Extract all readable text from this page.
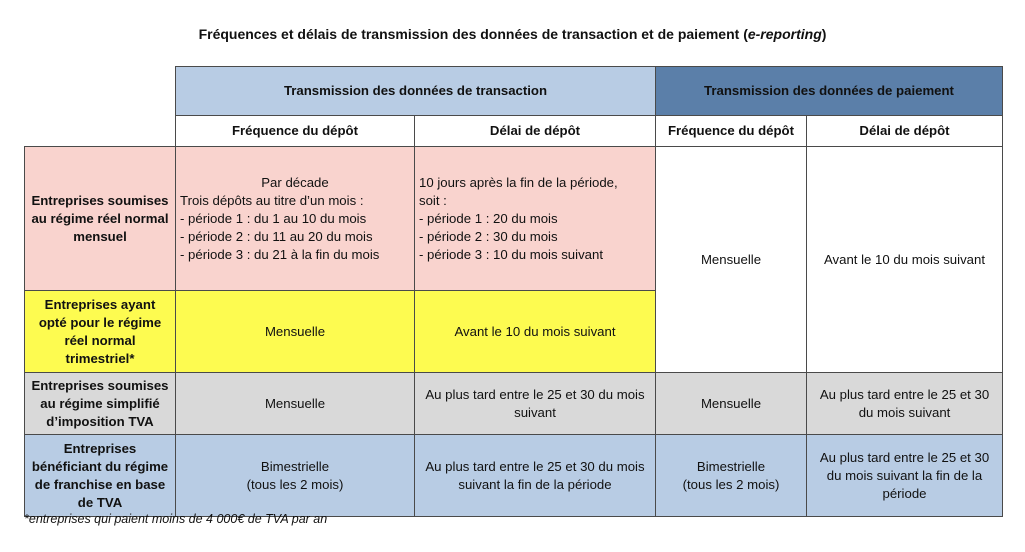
Fréquences et délais de transmission des données de transaction et de paiement (e-reporting)
	Transmission des données de transaction		Transmission des données de paiement	
	Fréquence du dépôt	Délai de dépôt	Fréquence du dépôt	Délai de dépôt
Entreprises soumises au régime réel normal mensuel	Par décade
Trois dépôts au titre d’un mois :
- période 1 : du 1 au 10 du mois
- période 2 : du 11 au 20 du mois
- période 3 : du 21 à la fin du mois	10 jours après la fin de la période,
soit :
- période 1 : 20 du mois
- période 2 : 30 du mois
- période 3 : 10 du mois suivant	Mensuelle	Avant le 10 du mois suivant
Entreprises ayant opté pour le régime réel normal trimestriel*	Mensuelle	Avant le 10 du mois suivant		
Entreprises soumises au régime simplifié d’imposition TVA	Mensuelle	Au plus tard entre le 25 et 30 du mois suivant	Mensuelle	Au plus tard entre le 25 et 30 du mois suivant
Entreprises bénéficiant du régime de franchise en base de TVA	Bimestrielle
(tous les 2 mois)	Au plus tard entre le 25 et 30 du mois suivant la fin de la période	Bimestrielle
(tous les 2 mois)	Au plus tard entre le 25 et 30 du mois suivant la fin de la période
*entreprises qui paient moins de 4 000€ de TVA par an
